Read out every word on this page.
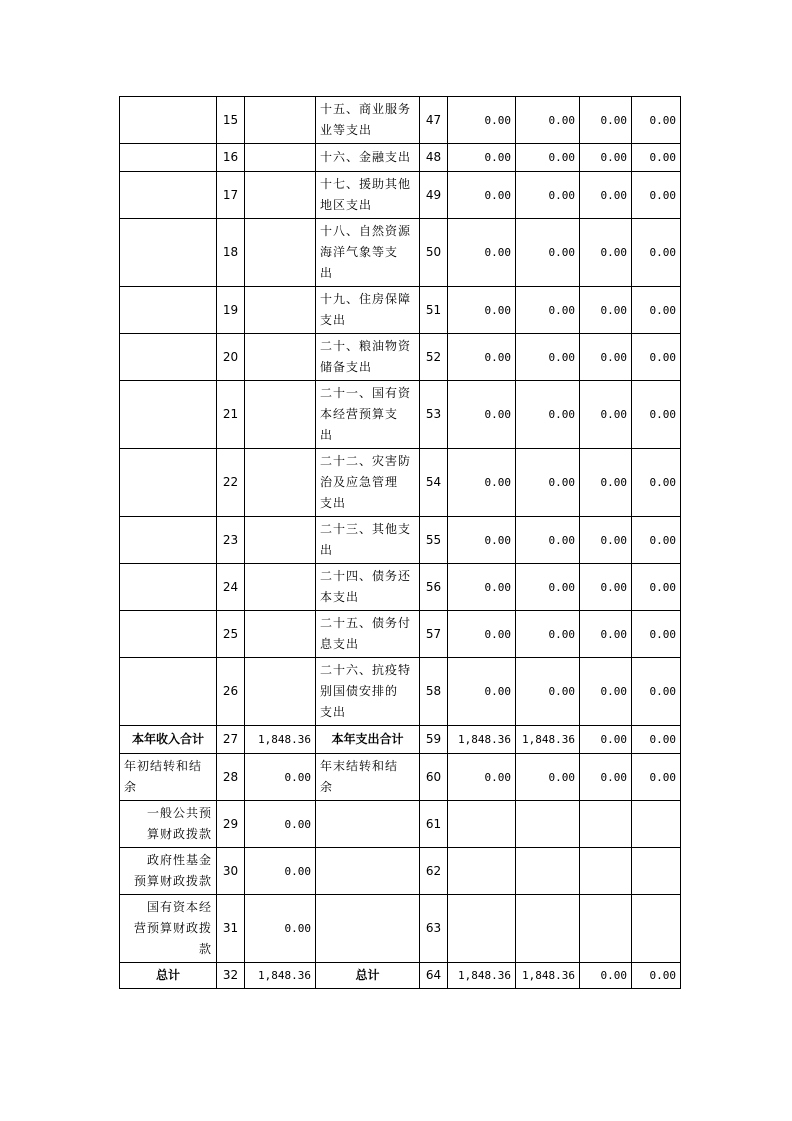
	15		十五、商业服务
业等支出	47	0.00	0.00	0.00	0.00

	16		十六、金融支出	48	0.00	0.00	0.00	0.00

	17		十七、援助其他
地区支出	49	0.00	0.00	0.00	0.00

	18		十八、自然资源
海洋气象等支
出	50	0.00	0.00	0.00	0.00

	19		十九、住房保障
支出	51	0.00	0.00	0.00	0.00

	20		二十、粮油物资
储备支出	52	0.00	0.00	0.00	0.00

	21		二十一、国有资
本经营预算支
出	53	0.00	0.00	0.00	0.00

	22		二十二、灾害防
治及应急管理
支出	54	0.00	0.00	0.00	0.00

	23		二十三、其他支
出	55	0.00	0.00	0.00	0.00

	24		二十四、债务还
本支出	56	0.00	0.00	0.00	0.00

	25		二十五、债务付
息支出	57	0.00	0.00	0.00	0.00

	26		二十六、抗疫特
别国债安排的
支出	58	0.00	0.00	0.00	0.00
本年收入合计	27	1,848.36	本年支出合计	59	1,848.36	1,848.36	0.00	0.00

年初结转和结
余	28	0.00	年末结转和结
余	60	0.00	0.00	0.00	0.00

一般公共预
算财政拨款	29	0.00		61				

政府性基金
预算财政拨款	30	0.00		62				

国有资本经
营预算财政拨
款	31	0.00		63				
总计	32	1,848.36	总计	64	1,848.36	1,848.36	0.00	0.00
